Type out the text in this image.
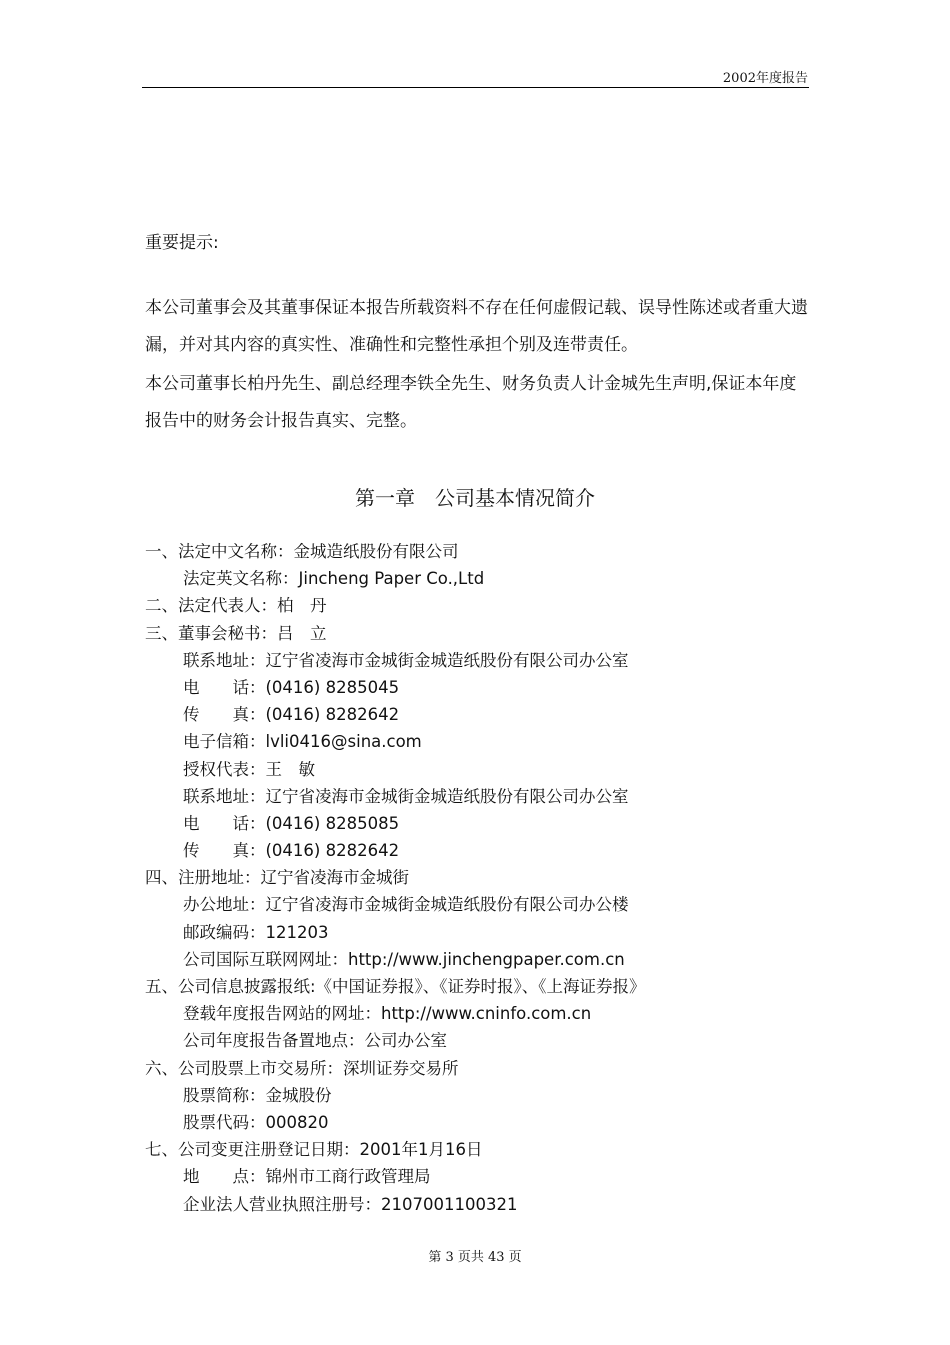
2002年度报告
重要提示:
本公司董事会及其董事保证本报告所载资料不存在任何虚假记载、误导性陈述或者重大遗漏，并对其内容的真实性、准确性和完整性承担个别及连带责任。
本公司董事长柏丹先生、副总经理李铁全先生、财务负责人计金城先生声明,保证本年度报告中的财务会计报告真实、完整。
第一章　公司基本情况简介
一、法定中文名称：金城造纸股份有限公司
法定英文名称：Jincheng Paper Co.,Ltd
二、法定代表人：柏　丹
三、董事会秘书：吕　立
联系地址：辽宁省凌海市金城街金城造纸股份有限公司办公室
电　　话：(0416) 8285045
传　　真：(0416) 8282642
电子信箱：lvli0416@sina.com
授权代表：王　敏
联系地址：辽宁省凌海市金城街金城造纸股份有限公司办公室
电　　话：(0416) 8285085
传　　真：(0416) 8282642
四、注册地址：辽宁省凌海市金城街
办公地址：辽宁省凌海市金城街金城造纸股份有限公司办公楼
邮政编码：121203
公司国际互联网网址：http://www.jinchengpaper.com.cn
五、公司信息披露报纸:《中国证券报》、《证券时报》、《上海证券报》
登载年度报告网站的网址：http://www.cninfo.com.cn
公司年度报告备置地点：公司办公室
六、公司股票上市交易所：深圳证券交易所
股票简称：金城股份
股票代码：000820
七、公司变更注册登记日期：2001年1月16日
地　　点：锦州市工商行政管理局
企业法人营业执照注册号：2107001100321
第 3 页共 43 页
